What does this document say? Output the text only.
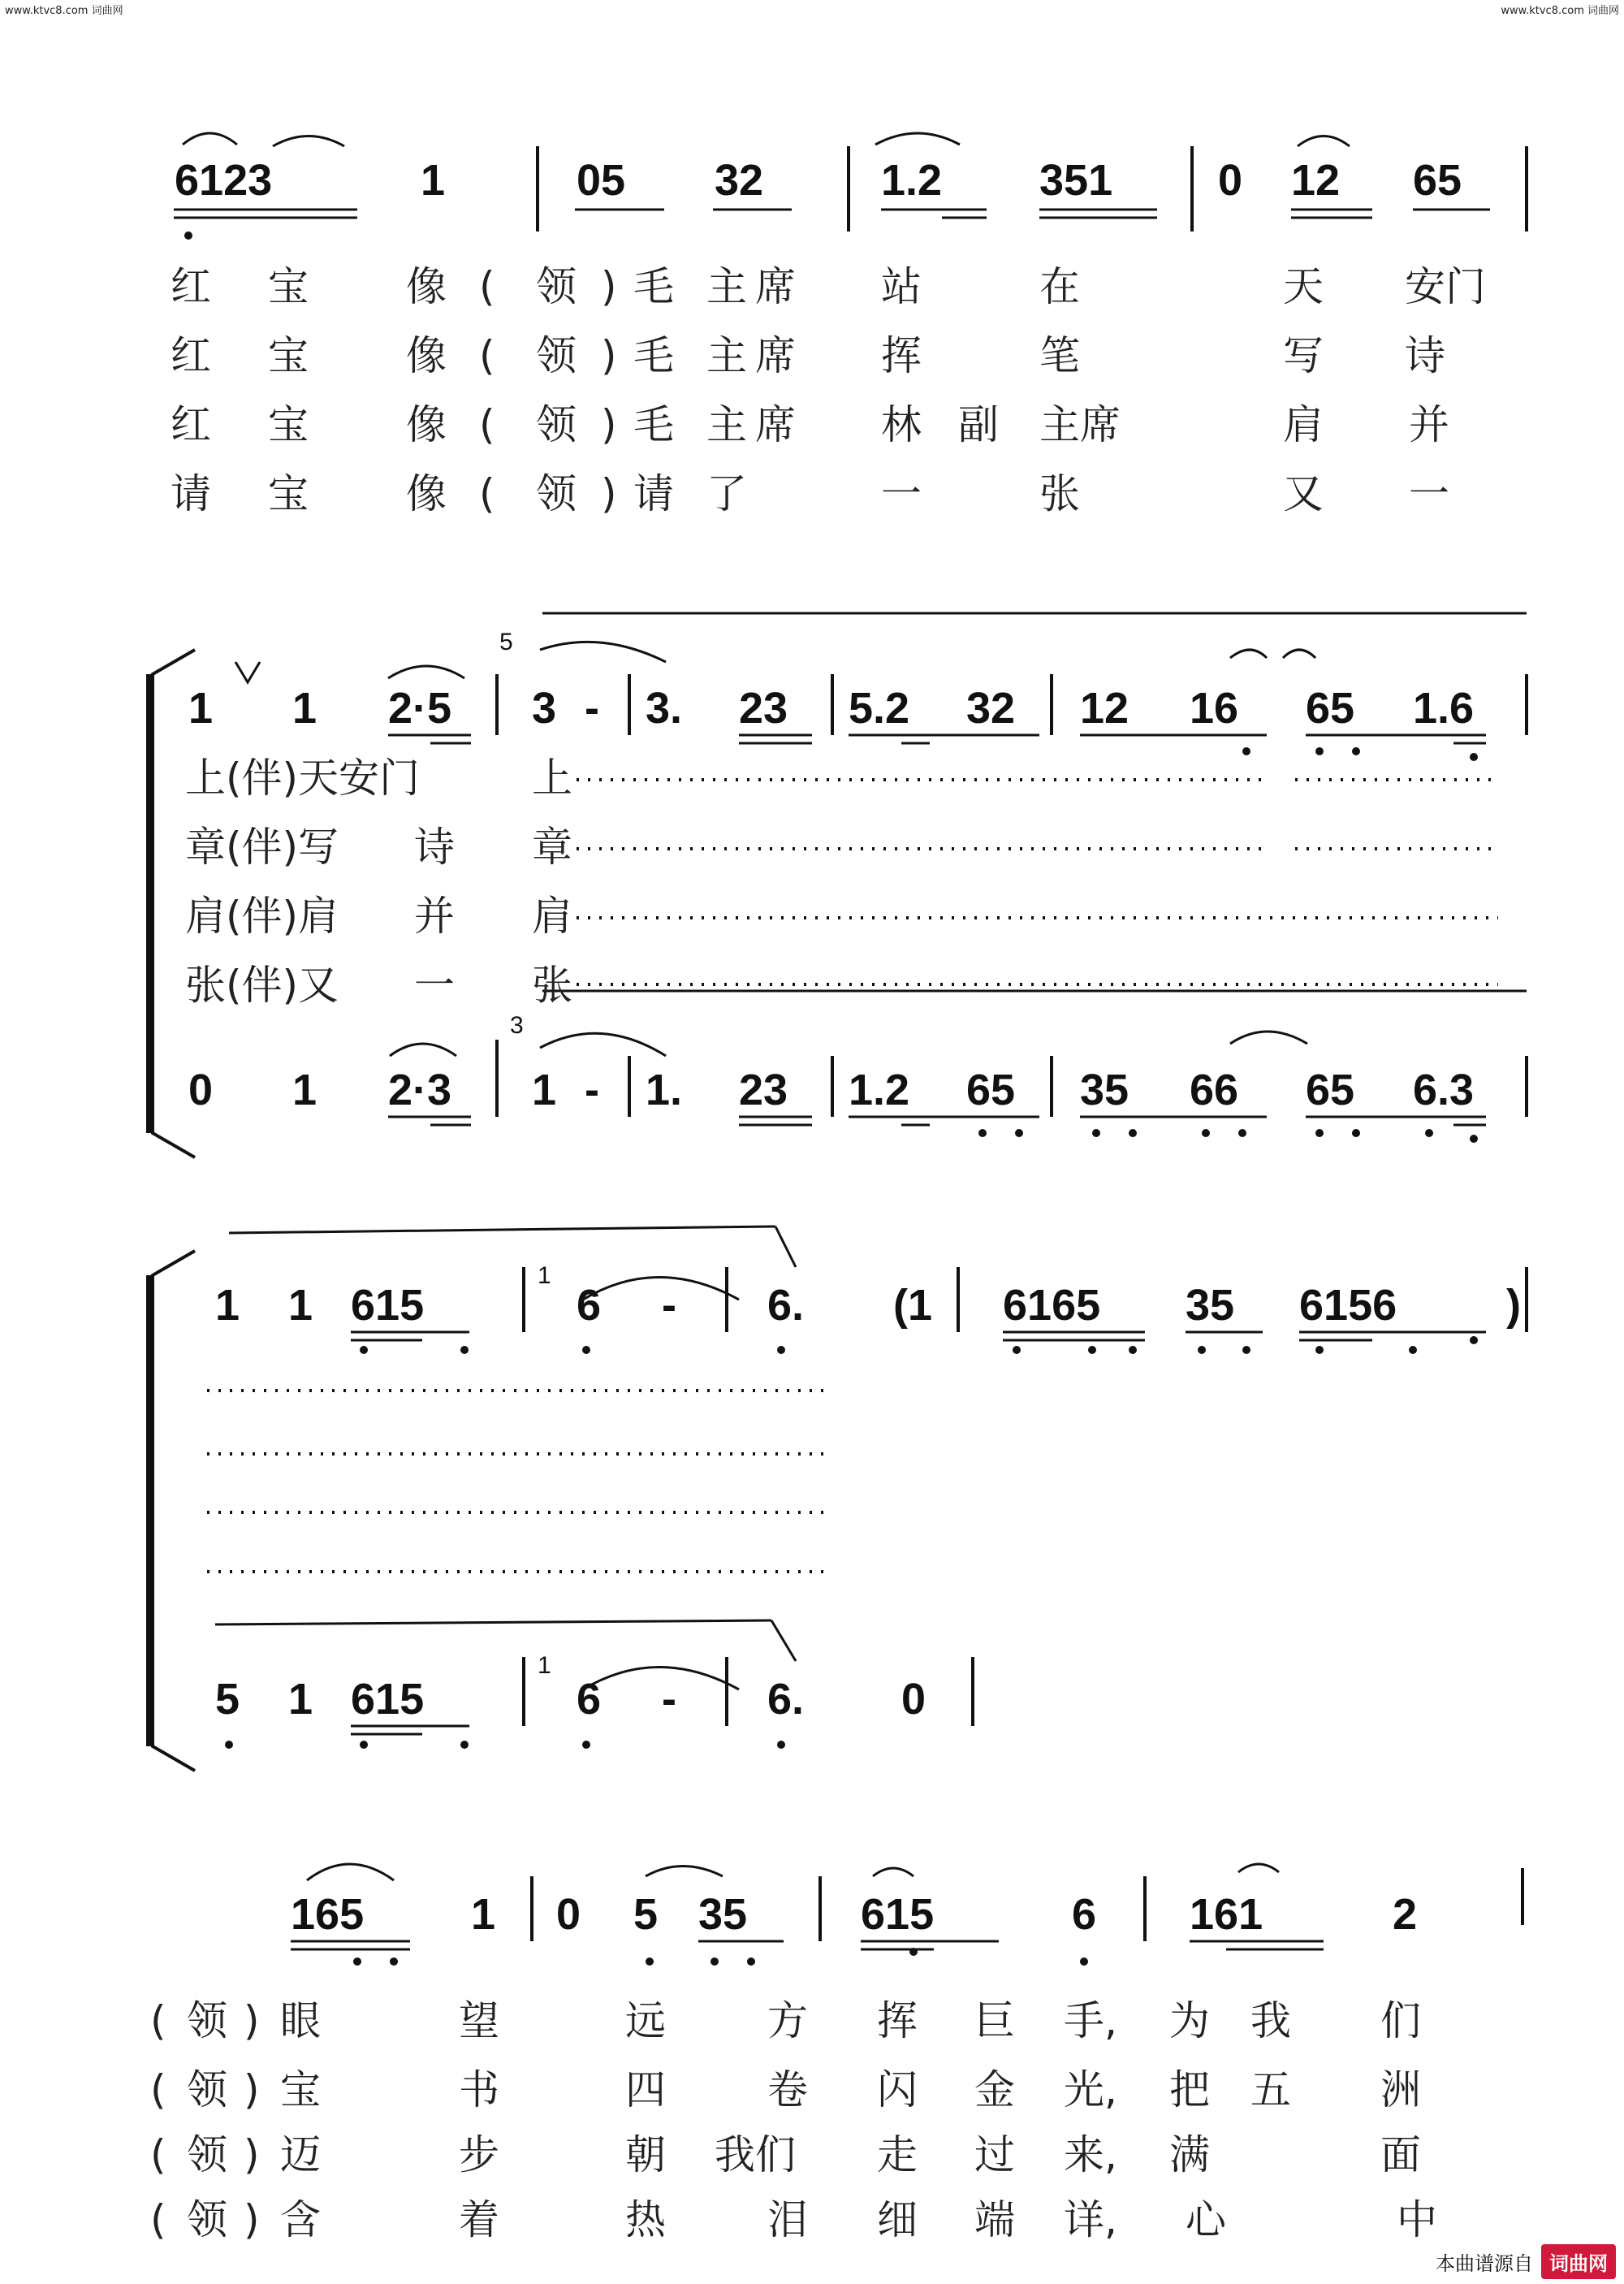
www.ktvc8.com 词曲网	www.ktvc8.com 词曲网
6123	1	05 32	1.2 351 0 12 65
红 宝 像 ( 领 ) 毛 主 席 站	在	天 安门
红 宝 像 ( 领 ) 毛 主 席 挥	笔	写 诗
红 宝 像 ( 领 ) 毛 主 席 林 副 主席	肩 并
请 宝 像 ( 领 ) 请 了	一	张	又 一
5
1 1 2·5 3 - 3. 23 5.2 32 12 16 65 1.6
上(伴)天安门	上
章(伴)写 诗 章
肩(伴)肩 并 肩
张(伴)又 一 张
3
0 1 2·3 1 - 1. 23 1.2 65 35 66 65 6.3
1
1 1 615	6 - 6. (1 6165 35 6156 )
1
5 1 615	6 - 6. 0
165 1 0 5 35	615	6 161	2
( 领 ) 眼	望	远	方 挥 巨 手, 为 我 们
( 领 ) 宝	书	四	卷 闪 金 光, 把 五 洲
( 领 ) 迈	步	朝 我们 走 过 来, 满	面
( 领 ) 含	着	热	泪 细 端 详, 心	中
本曲谱源自 词曲网
